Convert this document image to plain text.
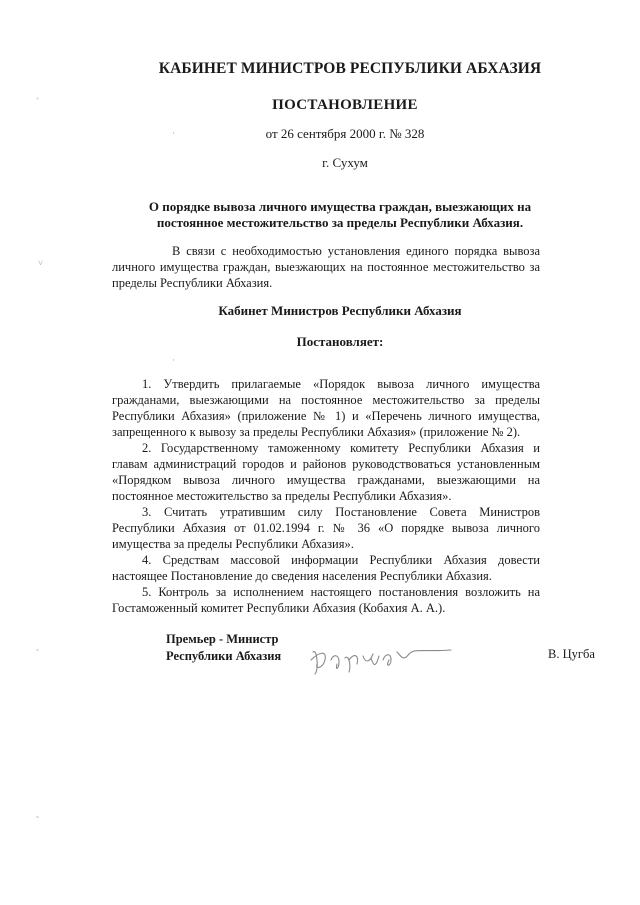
КАБИНЕТ МИНИСТРОВ РЕСПУБЛИКИ АБХАЗИЯ
ПОСТАНОВЛЕНИЕ
от 26 сентября 2000 г. № 328
г. Сухум
О порядке вывоза личного имущества граждан, выезжающих на постоянное местожительство за пределы Республики Абхазия.
В связи с необходимостью установления единого порядка вывоза личного имущества граждан, выезжающих на постоянное местожительство за пределы Республики Абхазия.
Кабинет Министров Республики Абхазия
Постановляет:

1. Утвердить прилагаемые «Порядок вывоза личного имущества гражданами, выезжающими на постоянное местожительство за пределы Республики Абхазия» (приложение № 1) и «Перечень личного имущества, запрещенного к вывозу за пределы Республики Абхазия» (приложение № 2).

2. Государственному таможенному комитету Республики Абхазия и главам администраций городов и районов руководствоваться установленным «Порядком вывоза личного имущества гражданами, выезжающими на постоянное местожительство за пределы Республики Абхазия».

3. Считать утратившим силу Постановление Совета Министров Республики Абхазия от 01.02.1994 г. № 36 «О порядке вывоза личного имущества за пределы Республики Абхазия».

4. Средствам массовой информации Республики Абхазия довести настоящее Постановление до сведения населения Республики Абхазия.

5. Контроль за исполнением настоящего постановления возложить на Гостаможенный комитет Республики Абхазия (Кобахия А. А.).

Премьер - Министр
Республики Абхазия	В. Цугба
ﾞ
˅
·
·
˚
˜
